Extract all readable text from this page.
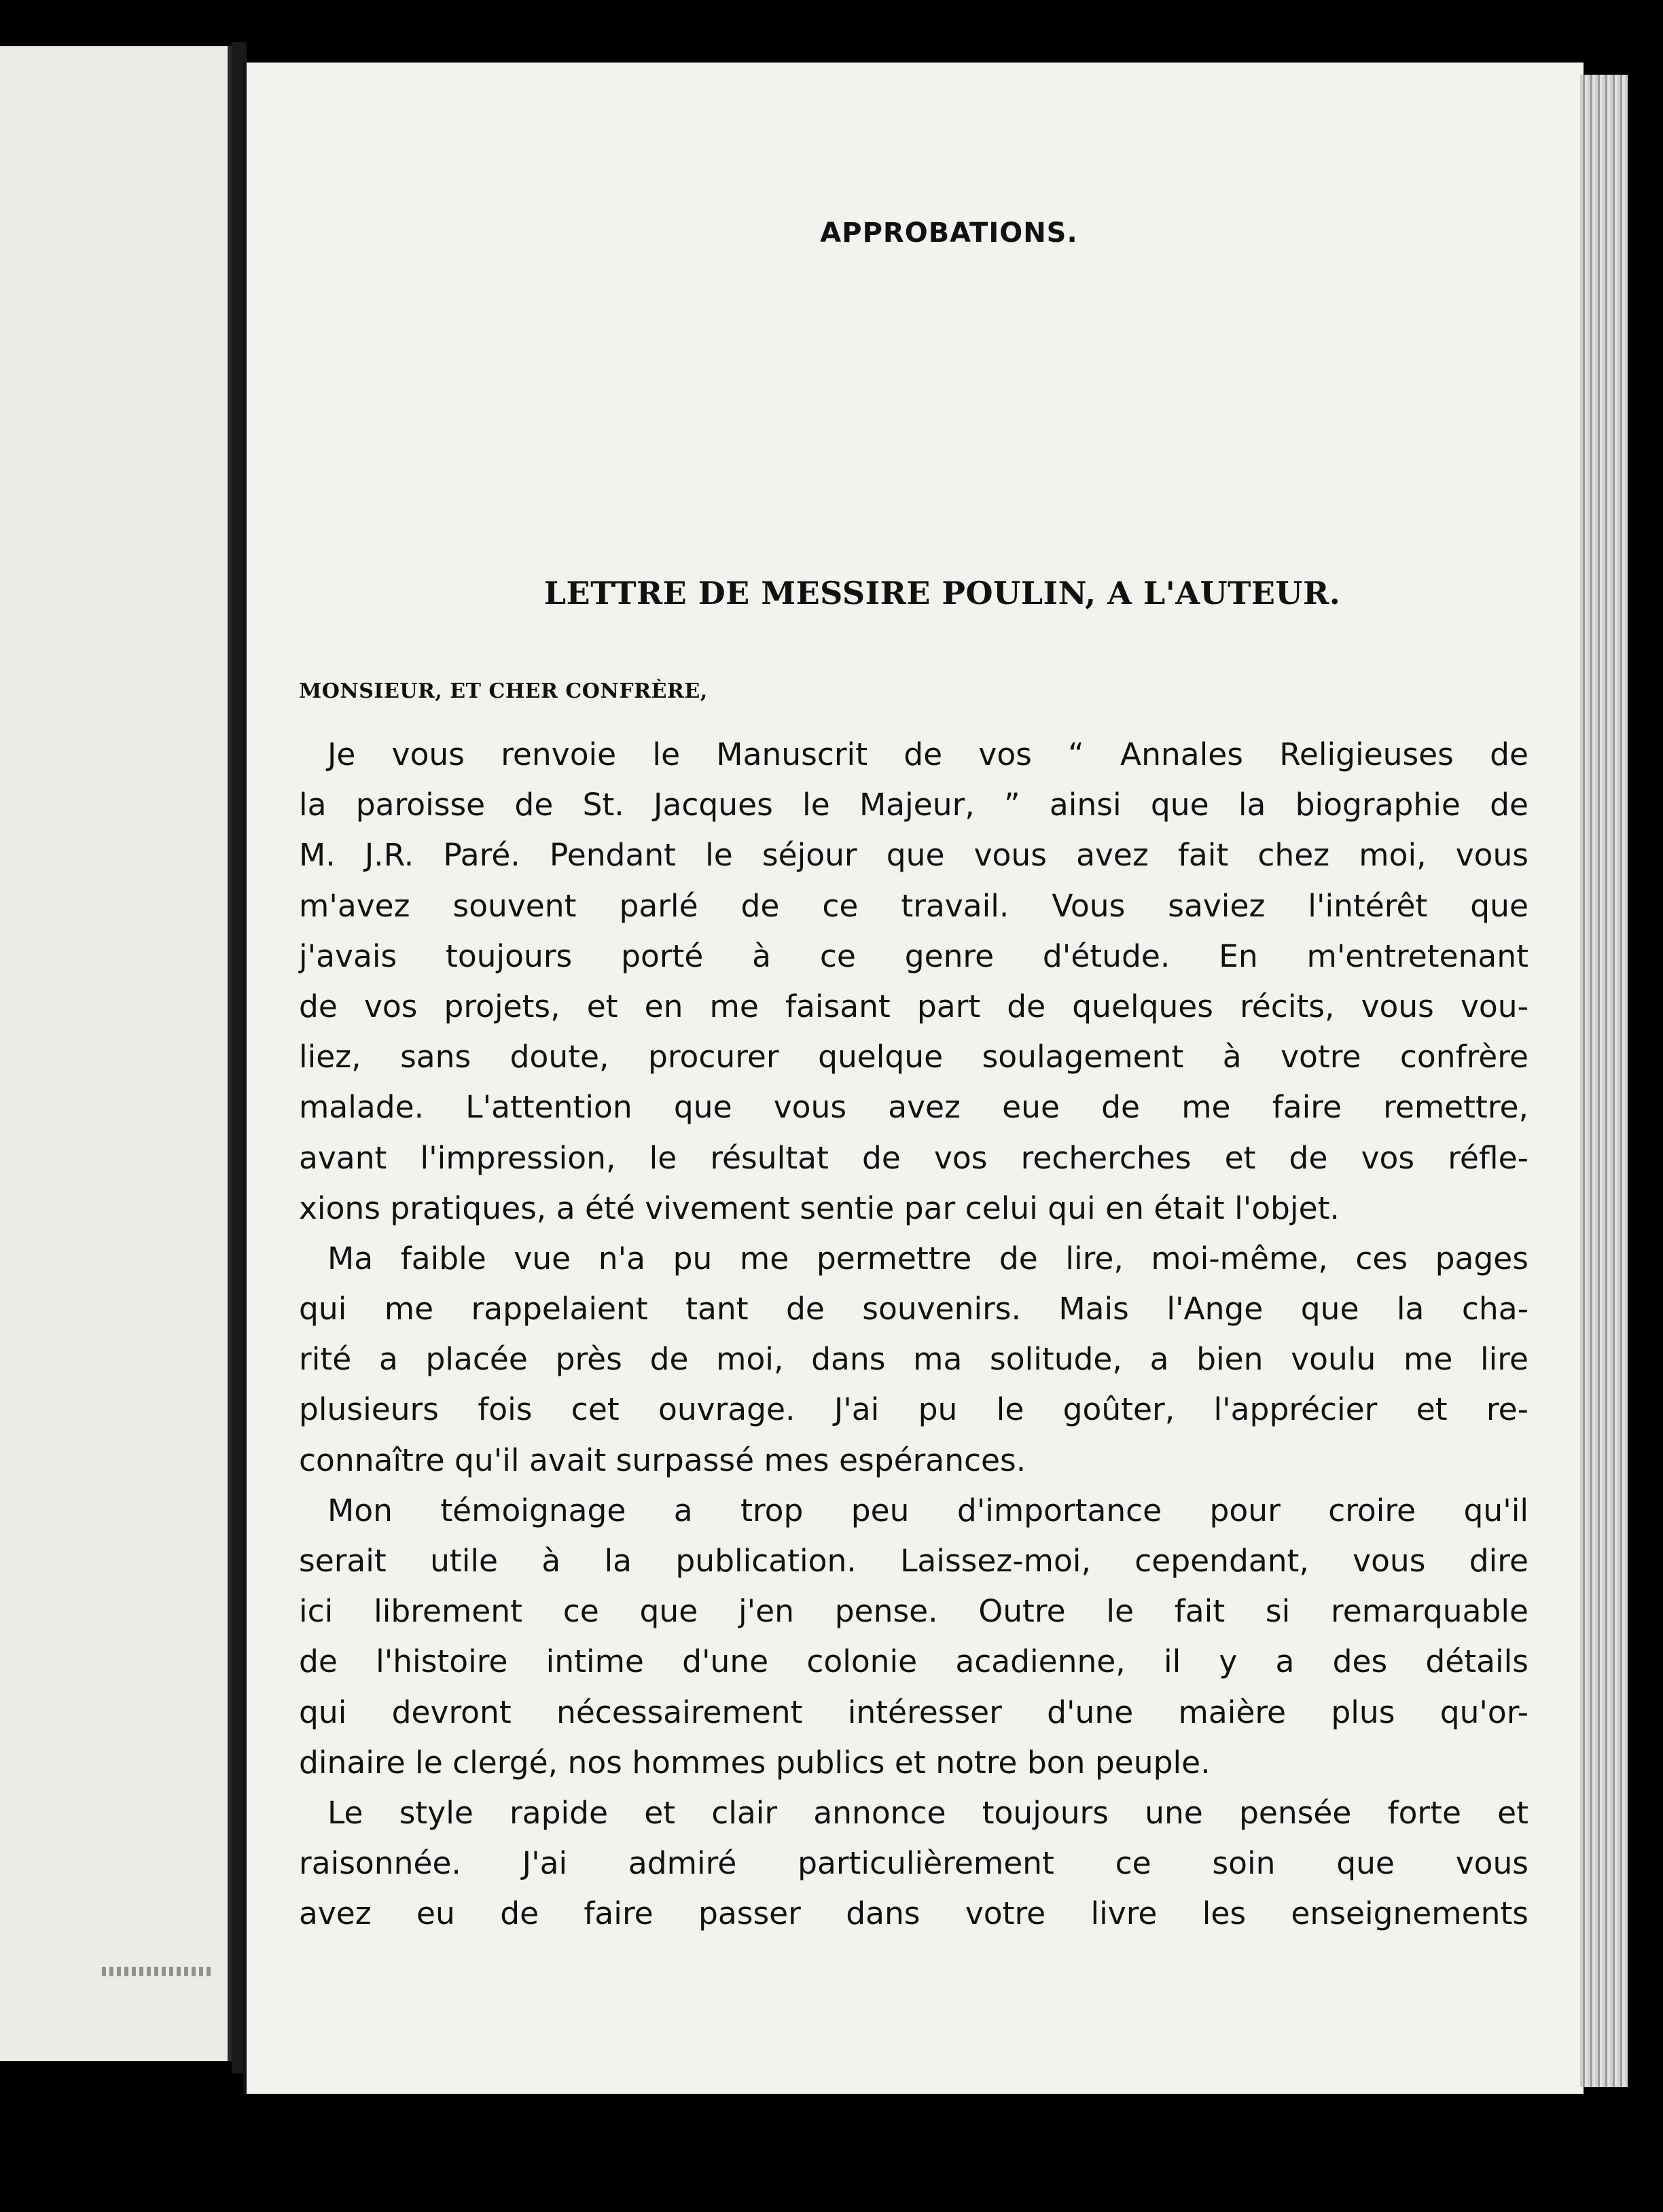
APPROBATIONS.
LETTRE DE MESSIRE POULIN, A L'AUTEUR.
MONSIEUR, ET CHER CONFRÈRE,
Je vous renvoie le Manuscrit de vos “ Annales Religieuses de
la paroisse de St. Jacques le Majeur, ” ainsi que la biographie de
M. J.R. Paré. Pendant le séjour que vous avez fait chez moi, vous
m'avez souvent parlé de ce travail. Vous saviez l'intérêt que
j'avais toujours porté à ce genre d'étude. En m'entretenant
de vos projets, et en me faisant part de quelques récits, vous vou-
liez, sans doute, procurer quelque soulagement à votre confrère
malade. L'attention que vous avez eue de me faire remettre,
avant l'impression, le résultat de vos recherches et de vos réfle-
xions pratiques, a été vivement sentie par celui qui en était l'objet.
Ma faible vue n'a pu me permettre de lire, moi-même, ces pages
qui me rappelaient tant de souvenirs. Mais l'Ange que la cha-
rité a placée près de moi, dans ma solitude, a bien voulu me lire
plusieurs fois cet ouvrage. J'ai pu le goûter, l'apprécier et re-
connaître qu'il avait surpassé mes espérances.
Mon témoignage a trop peu d'importance pour croire qu'il
serait utile à la publication. Laissez-moi, cependant, vous dire
ici librement ce que j'en pense. Outre le fait si remarquable
de l'histoire intime d'une colonie acadienne, il y a des détails
qui devront nécessairement intéresser d'une maière plus qu'or-
dinaire le clergé, nos hommes publics et notre bon peuple.
Le style rapide et clair annonce toujours une pensée forte et
raisonnée. J'ai admiré particulièrement ce soin que vous
avez eu de faire passer dans votre livre les enseignements
